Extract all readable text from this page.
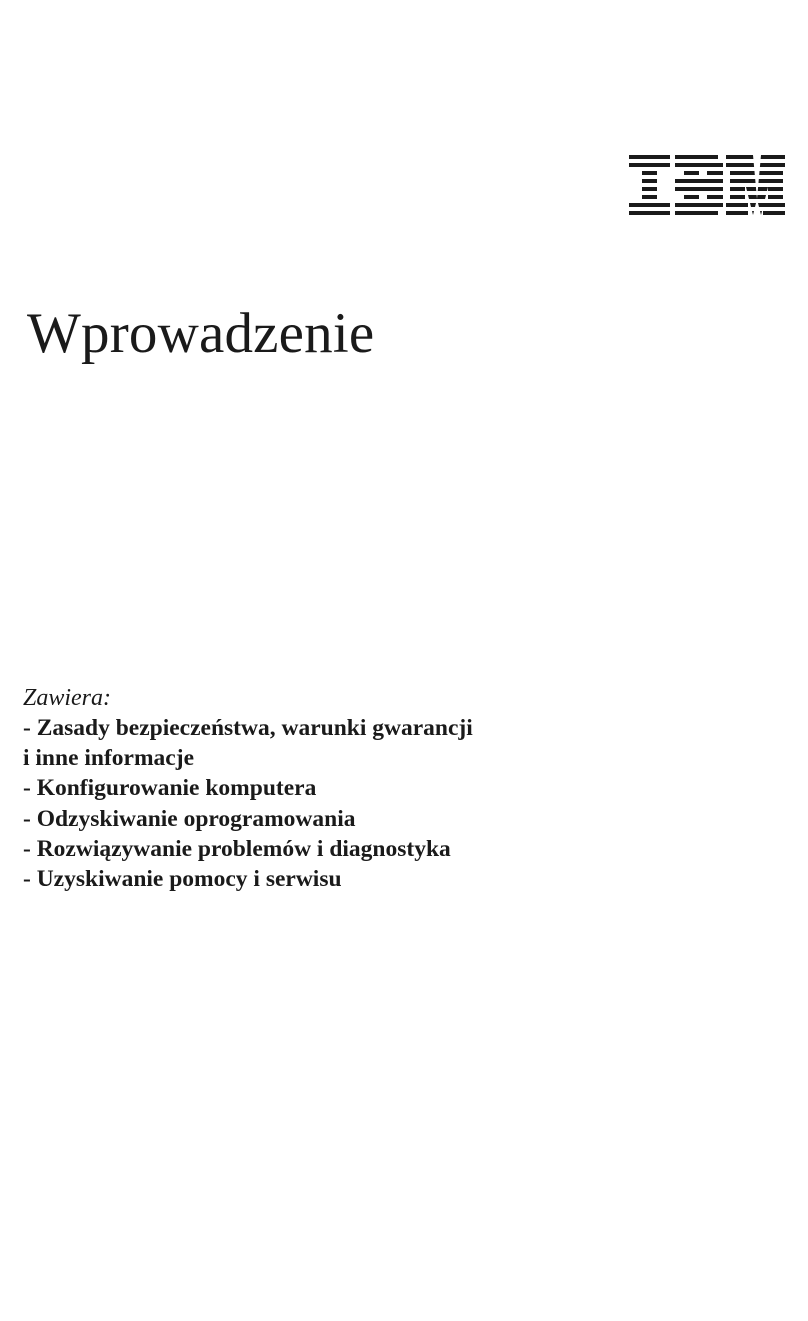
Wprowadzenie
Zawiera:
- Zasady bezpieczeństwa, warunki gwarancji
i inne informacje
- Konfigurowanie komputera
- Odzyskiwanie oprogramowania
- Rozwiązywanie problemów i diagnostyka
- Uzyskiwanie pomocy i serwisu
